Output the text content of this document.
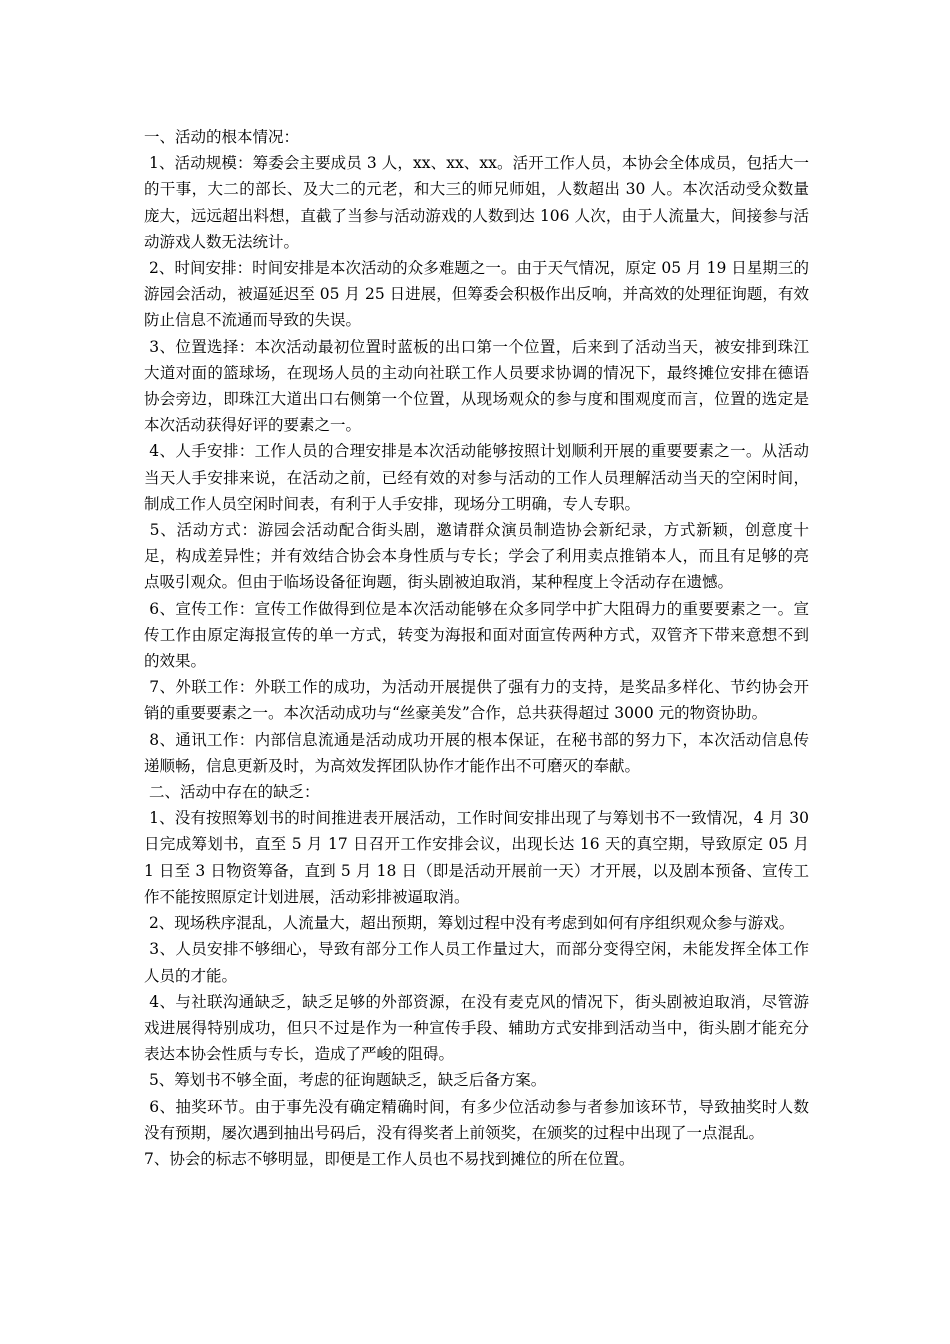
一、活动的根本情况：

1、活动规模：筹委会主要成员 3 人，xx、xx、xx。活开工作人员，本协会全体成员，包括大一的干事，大二的部长、及大二的元老，和大三的师兄师姐，人数超出 30 人。本次活动受众数量庞大，远远超出料想，直截了当参与活动游戏的人数到达 106 人次，由于人流量大，间接参与活动游戏人数无法统计。

2、时间安排：时间安排是本次活动的众多难题之一。由于天气情况，原定 05 月 19 日星期三的游园会活动，被逼延迟至 05 月 25 日进展，但筹委会积极作出反响，并高效的处理征询题，有效防止信息不流通而导致的失误。

3、位置选择：本次活动最初位置时蓝板的出口第一个位置，后来到了活动当天，被安排到珠江大道对面的篮球场，在现场人员的主动向社联工作人员要求协调的情况下，最终摊位安排在德语协会旁边，即珠江大道出口右侧第一个位置，从现场观众的参与度和围观度而言，位置的选定是本次活动获得好评的要素之一。

4、人手安排：工作人员的合理安排是本次活动能够按照计划顺利开展的重要要素之一。从活动当天人手安排来说，在活动之前，已经有效的对参与活动的工作人员理解活动当天的空闲时间，制成工作人员空闲时间表，有利于人手安排，现场分工明确，专人专职。

5、活动方式：游园会活动配合街头剧，邀请群众演员制造协会新纪录，方式新颖，创意度十足，构成差异性；并有效结合协会本身性质与专长；学会了利用卖点推销本人，而且有足够的亮点吸引观众。但由于临场设备征询题，街头剧被迫取消，某种程度上令活动存在遗憾。

6、宣传工作：宣传工作做得到位是本次活动能够在众多同学中扩大阻碍力的重要要素之一。宣传工作由原定海报宣传的单一方式，转变为海报和面对面宣传两种方式，双管齐下带来意想不到的效果。

7、外联工作：外联工作的成功，为活动开展提供了强有力的支持，是奖品多样化、节约协会开销的重要要素之一。本次活动成功与“丝豪美发”合作，总共获得超过 3000 元的物资协助。

8、通讯工作：内部信息流通是活动成功开展的根本保证，在秘书部的努力下，本次活动信息传递顺畅，信息更新及时，为高效发挥团队协作才能作出不可磨灭的奉献。

二、活动中存在的缺乏：

1、没有按照筹划书的时间推进表开展活动，工作时间安排出现了与筹划书不一致情况，4 月 30 日完成筹划书，直至 5 月 17 日召开工作安排会议，出现长达 16 天的真空期，导致原定 05 月 1 日至 3 日物资筹备，直到 5 月 18 日（即是活动开展前一天）才开展，以及剧本预备、宣传工作不能按照原定计划进展，活动彩排被逼取消。

2、现场秩序混乱，人流量大，超出预期，筹划过程中没有考虑到如何有序组织观众参与游戏。

3、人员安排不够细心，导致有部分工作人员工作量过大，而部分变得空闲，未能发挥全体工作人员的才能。

4、与社联沟通缺乏，缺乏足够的外部资源，在没有麦克风的情况下，街头剧被迫取消，尽管游戏进展得特别成功，但只不过是作为一种宣传手段、辅助方式安排到活动当中，街头剧才能充分表达本协会性质与专长，造成了严峻的阻碍。

5、筹划书不够全面，考虑的征询题缺乏，缺乏后备方案。

6、抽奖环节。由于事先没有确定精确时间，有多少位活动参与者参加该环节，导致抽奖时人数没有预期，屡次遇到抽出号码后，没有得奖者上前领奖，在颁奖的过程中出现了一点混乱。

7、协会的标志不够明显，即便是工作人员也不易找到摊位的所在位置。
